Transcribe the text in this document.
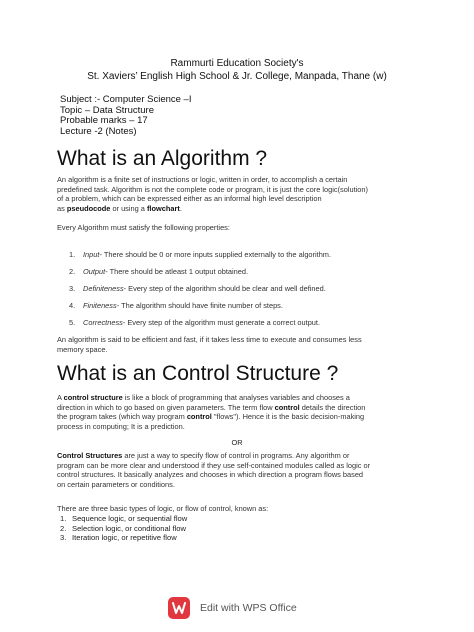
Rammurti Education Society's
St. Xaviers’ English High School & Jr. College, Manpada, Thane (w)
Subject :- Computer Science –I
Topic – Data Structure
Probable marks – 17
Lecture -2 (Notes)
What is an Algorithm ?
An algorithm is a finite set of instructions or logic, written in order, to accomplish a certain
predefined task. Algorithm is not the complete code or program, it is just the core logic(solution)
of a problem, which can be expressed either as an informal high level description
as pseudocode or using a flowchart.
Every Algorithm must satisfy the following properties:
1. Input- There should be 0 or more inputs supplied externally to the algorithm.
2. Output- There should be atleast 1 output obtained.
3. Definiteness- Every step of the algorithm should be clear and well defined.
4. Finiteness- The algorithm should have finite number of steps.
5. Correctness- Every step of the algorithm must generate a correct output.
An algorithm is said to be efficient and fast, if it takes less time to execute and consumes less
memory space.
What is an Control Structure ?
A control structure is like a block of programming that analyses variables and chooses a
direction in which to go based on given parameters. The term flow control details the direction
the program takes (which way program control "flows"). Hence it is the basic decision-making
process in computing; It is a prediction.
OR
Control Structures are just a way to specify flow of control in programs. Any algorithm or
program can be more clear and understood if they use self-contained modules called as logic or
control structures. It basically analyzes and chooses in which direction a program flows based
on certain parameters or conditions.
There are three basic types of logic, or flow of control, known as:
1. Sequence logic, or sequential flow
2. Selection logic, or conditional flow
3. Iteration logic, or repetitive flow
Edit with WPS Office
